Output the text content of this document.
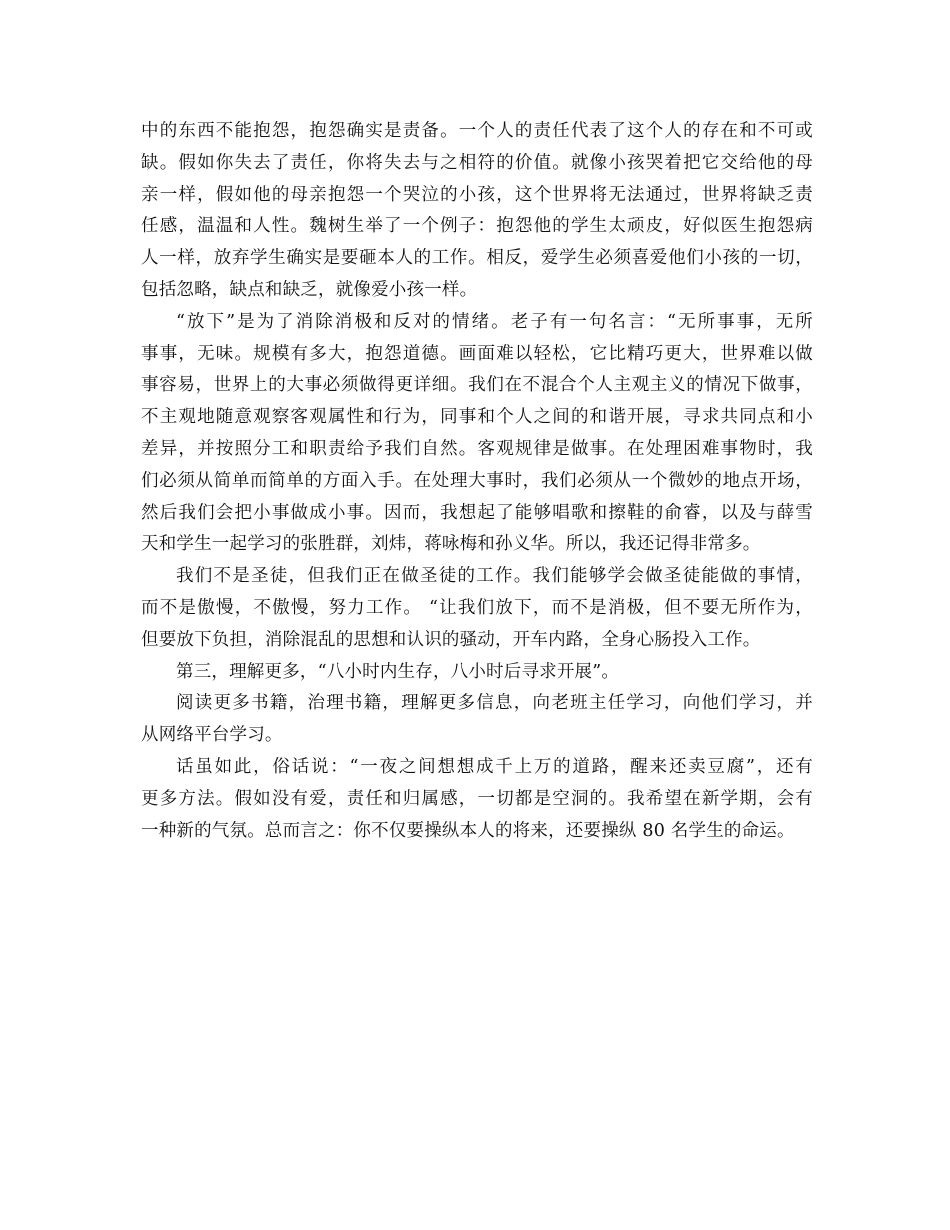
中的东西不能抱怨，抱怨确实是责备。一个人的责任代表了这个人的存在和不可或
缺。假如你失去了责任，你将失去与之相符的价值。就像小孩哭着把它交给他的母
亲一样，假如他的母亲抱怨一个哭泣的小孩，这个世界将无法通过，世界将缺乏责
任感，温温和人性。魏树生举了一个例子：抱怨他的学生太顽皮，好似医生抱怨病
人一样，放弃学生确实是要砸本人的工作。相反，爱学生必须喜爱他们小孩的一切，
包括忽略，缺点和缺乏，就像爱小孩一样。
“放下”是为了消除消极和反对的情绪。老子有一句名言：“无所事事，无所
事事，无味。规模有多大，抱怨道德。画面难以轻松，它比精巧更大，世界难以做
事容易，世界上的大事必须做得更详细。我们在不混合个人主观主义的情况下做事，
不主观地随意观察客观属性和行为，同事和个人之间的和谐开展，寻求共同点和小
差异，并按照分工和职责给予我们自然。客观规律是做事。在处理困难事物时，我
们必须从简单而简单的方面入手。在处理大事时，我们必须从一个微妙的地点开场，
然后我们会把小事做成小事。因而，我想起了能够唱歌和擦鞋的俞睿，以及与薛雪
天和学生一起学习的张胜群，刘炜，蒋咏梅和孙义华。所以，我还记得非常多。
我们不是圣徒，但我们正在做圣徒的工作。我们能够学会做圣徒能做的事情，
而不是傲慢，不傲慢，努力工作。 “让我们放下，而不是消极，但不要无所作为，
但要放下负担，消除混乱的思想和认识的骚动，开车内路，全身心肠投入工作。
第三，理解更多，“八小时内生存，八小时后寻求开展”。
阅读更多书籍，治理书籍，理解更多信息，向老班主任学习，向他们学习，并
从网络平台学习。
话虽如此，俗话说：“一夜之间想想成千上万的道路，醒来还卖豆腐”，还有
更多方法。假如没有爱，责任和归属感，一切都是空洞的。我希望在新学期，会有
一种新的气氛。总而言之：你不仅要操纵本人的将来，还要操纵 80 名学生的命运。
